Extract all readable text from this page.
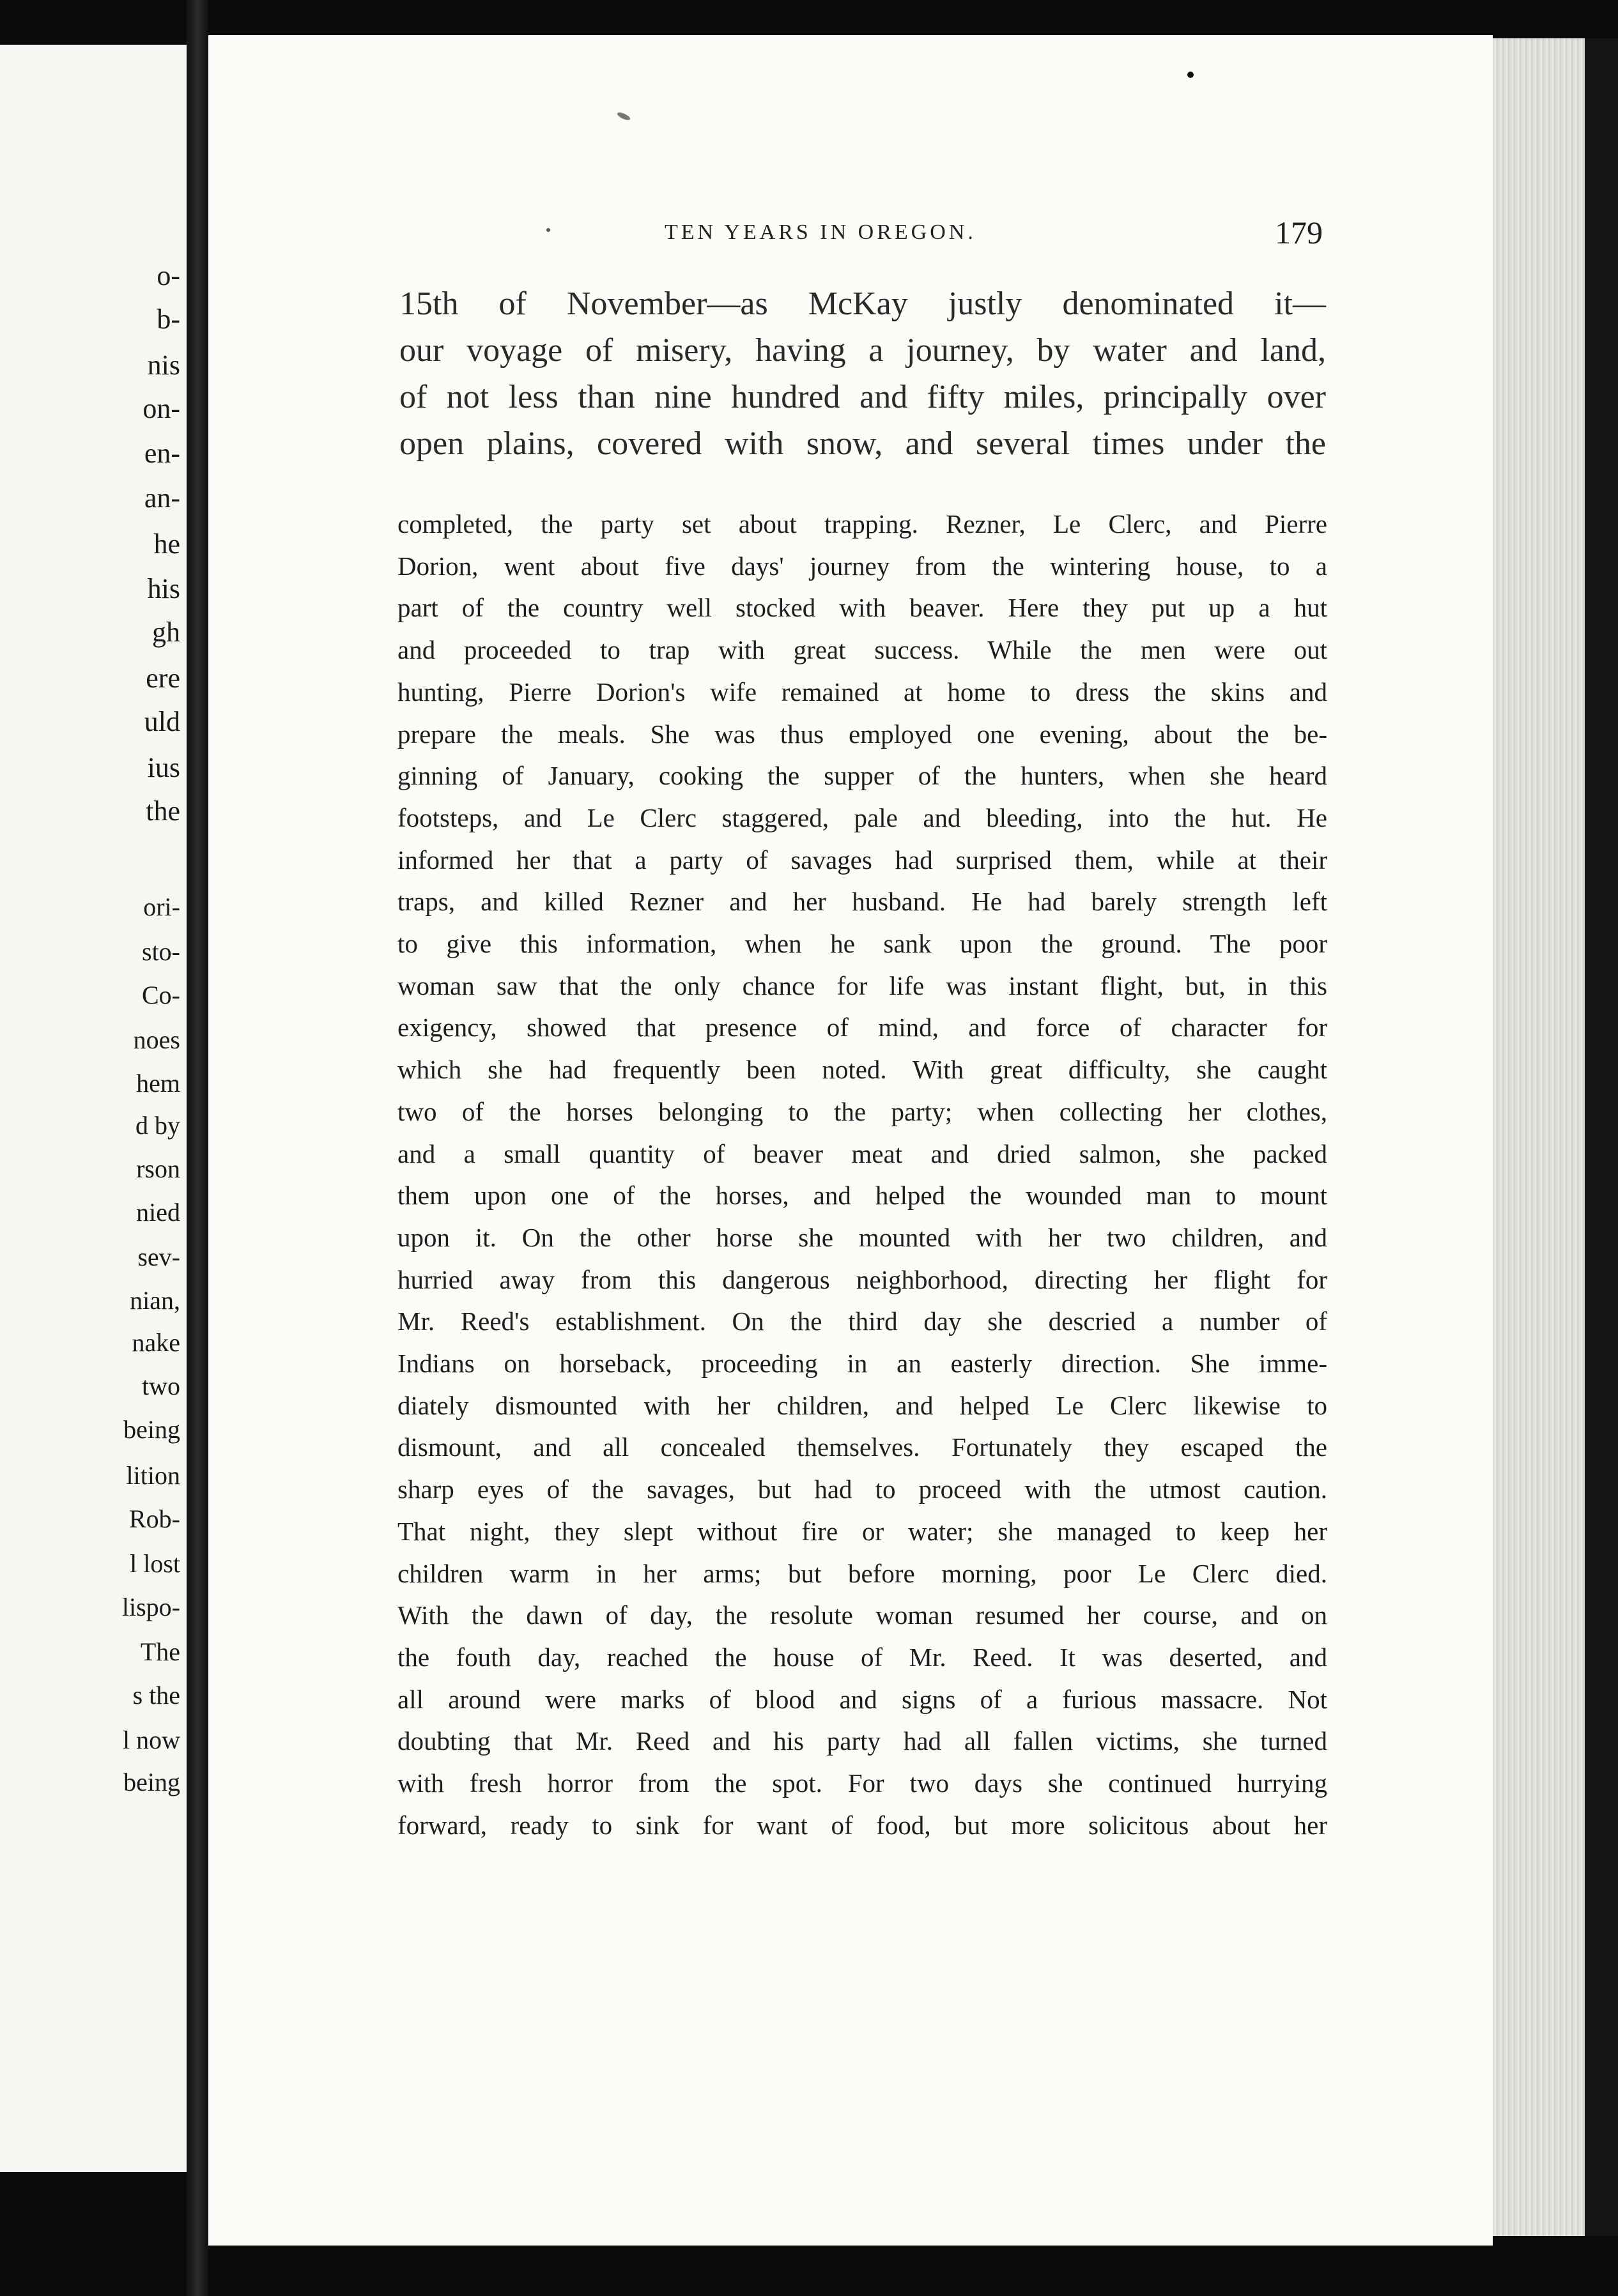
o-
b-
nis
on-
en-
an-
he
his
gh
ere
uld
ius
the
ori-
sto-
Co-
noes
hem
d by
rson
nied
sev-
nian,
nake
two
being
lition
Rob-
l lost
lispo-
The
s the
l now
being
TEN YEARS IN OREGON.	179
15th of November—as McKay justly denominated it—
our voyage of misery, having a journey, by water and land,
of not less than nine hundred and fifty miles, principally over
open plains, covered with snow, and several times under the
completed, the party set about trapping. Rezner, Le Clerc, and Pierre
Dorion, went about five days' journey from the wintering house, to a
part of the country well stocked with beaver. Here they put up a hut
and proceeded to trap with great success. While the men were out
hunting, Pierre Dorion's wife remained at home to dress the skins and
prepare the meals. She was thus employed one evening, about the be-
ginning of January, cooking the supper of the hunters, when she heard
footsteps, and Le Clerc staggered, pale and bleeding, into the hut. He
informed her that a party of savages had surprised them, while at their
traps, and killed Rezner and her husband. He had barely strength left
to give this information, when he sank upon the ground. The poor
woman saw that the only chance for life was instant flight, but, in this
exigency, showed that presence of mind, and force of character for
which she had frequently been noted. With great difficulty, she caught
two of the horses belonging to the party; when collecting her clothes,
and a small quantity of beaver meat and dried salmon, she packed
them upon one of the horses, and helped the wounded man to mount
upon it. On the other horse she mounted with her two children, and
hurried away from this dangerous neighborhood, directing her flight for
Mr. Reed's establishment. On the third day she descried a number of
Indians on horseback, proceeding in an easterly direction. She imme-
diately dismounted with her children, and helped Le Clerc likewise to
dismount, and all concealed themselves. Fortunately they escaped the
sharp eyes of the savages, but had to proceed with the utmost caution.
That night, they slept without fire or water; she managed to keep her
children warm in her arms; but before morning, poor Le Clerc died.
With the dawn of day, the resolute woman resumed her course, and on
the fouth day, reached the house of Mr. Reed. It was deserted, and
all around were marks of blood and signs of a furious massacre. Not
doubting that Mr. Reed and his party had all fallen victims, she turned
with fresh horror from the spot. For two days she continued hurrying
forward, ready to sink for want of food, but more solicitous about her
